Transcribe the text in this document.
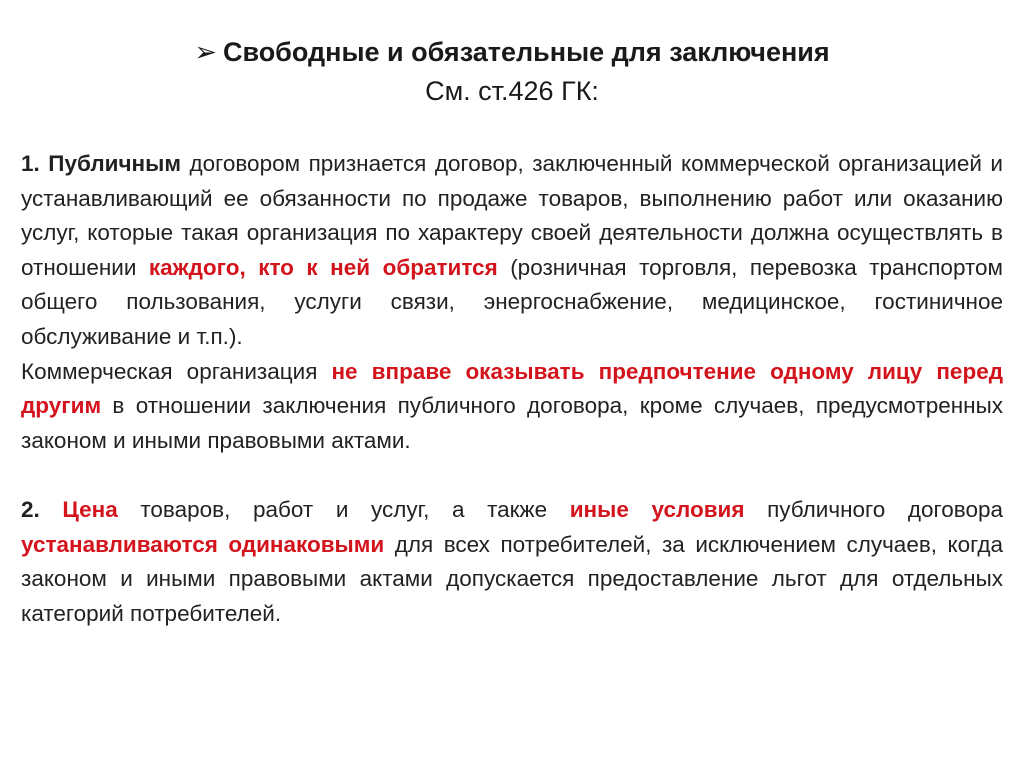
➢ Свободные и обязательные для заключения
См. ст.426 ГК:

1. Публичным договором признается договор, заключенный коммерческой организацией и устанавливающий ее обязанности по продаже товаров, выполнению работ или оказанию услуг, которые такая организация по характеру своей деятельности должна осуществлять в отношении каждого, кто к ней обратится (розничная торговля, перевозка транспортом общего пользования, услуги связи, энергоснабжение, медицинское, гостиничное обслуживание и т.п.).

Коммерческая организация не вправе оказывать предпочтение одному лицу перед другим в отношении заключения публичного договора, кроме случаев, предусмотренных законом и иными правовыми актами.

2. Цена товаров, работ и услуг, а также иные условия публичного договора устанавливаются одинаковыми для всех потребителей, за исключением случаев, когда законом и иными правовыми актами допускается предоставление льгот для отдельных категорий потребителей.
